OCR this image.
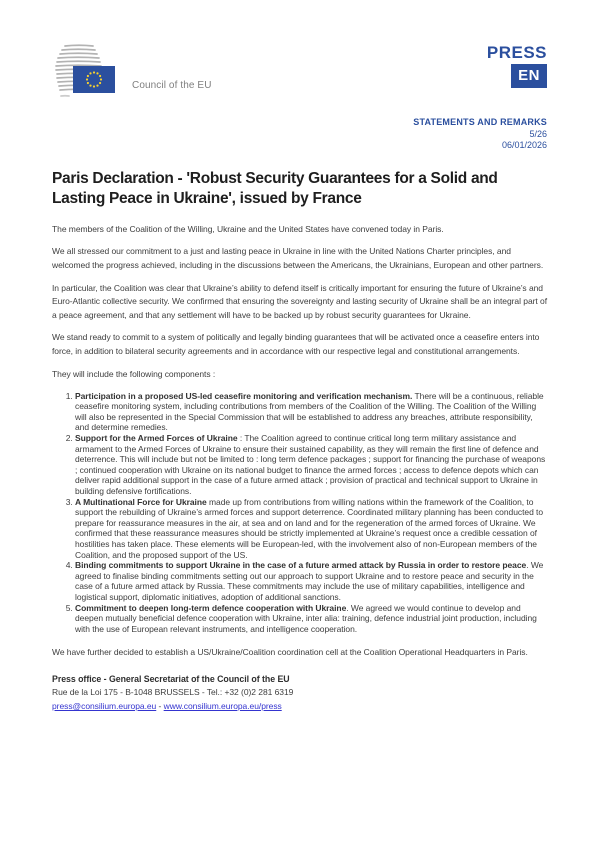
Council of the EU
PRESS
EN
STATEMENTS AND REMARKS
5/26
06/01/2026
Paris Declaration - 'Robust Security Guarantees for a Solid and Lasting Peace in Ukraine', issued by France

The members of the Coalition of the Willing, Ukraine and the United States have convened today in Paris.

We all stressed our commitment to a just and lasting peace in Ukraine in line with the United Nations Charter principles, and welcomed the progress achieved, including in the discussions between the Americans, the Ukrainians, European and other partners.

In particular, the Coalition was clear that Ukraine’s ability to defend itself is critically important for ensuring the future of Ukraine’s and Euro-Atlantic collective security. We confirmed that ensuring the sovereignty and lasting security of Ukraine shall be an integral part of a peace agreement, and that any settlement will have to be backed up by robust security guarantees for Ukraine.

We stand ready to commit to a system of politically and legally binding guarantees that will be activated once a ceasefire enters into force, in addition to bilateral security agreements and in accordance with our respective legal and constitutional arrangements.

They will include the following components :

1. Participation in a proposed US-led ceasefire monitoring and verification mechanism. There will be a continuous, reliable ceasefire monitoring system, including contributions from members of the Coalition of the Willing. The Coalition of the Willing will also be represented in the Special Commission that will be established to address any breaches, attribute responsibility, and determine remedies.
2. Support for the Armed Forces of Ukraine : The Coalition agreed to continue critical long term military assistance and armament to the Armed Forces of Ukraine to ensure their sustained capability, as they will remain the first line of defence and deterrence. This will include but not be limited to : long term defence packages ; support for financing the purchase of weapons ; continued cooperation with Ukraine on its national budget to finance the armed forces ; access to defence depots which can deliver rapid additional support in the case of a future armed attack ; provision of practical and technical support to Ukraine in building defensive fortifications.
3. A Multinational Force for Ukraine made up from contributions from willing nations within the framework of the Coalition, to support the rebuilding of Ukraine’s armed forces and support deterrence. Coordinated military planning has been conducted to prepare for reassurance measures in the air, at sea and on land and for the regeneration of the armed forces of Ukraine. We confirmed that these reassurance measures should be strictly implemented at Ukraine’s request once a credible cessation of hostilities has taken place. These elements will be European-led, with the involvement also of non-European members of the Coalition, and the proposed support of the US.
4. Binding commitments to support Ukraine in the case of a future armed attack by Russia in order to restore peace. We agreed to finalise binding commitments setting out our approach to support Ukraine and to restore peace and security in the case of a future armed attack by Russia. These commitments may include the use of military capabilities, intelligence and logistical support, diplomatic initiatives, adoption of additional sanctions.
5. Commitment to deepen long-term defence cooperation with Ukraine. We agreed we would continue to develop and deepen mutually beneficial defence cooperation with Ukraine, inter alia: training, defence industrial joint production, including with the use of European relevant instruments, and intelligence cooperation.

We have further decided to establish a US/Ukraine/Coalition coordination cell at the Coalition Operational Headquarters in Paris.

Press office - General Secretariat of the Council of the EU
Rue de la Loi 175 - B-1048 BRUSSELS - Tel.: +32 (0)2 281 6319
press@consilium.europa.eu - www.consilium.europa.eu/press
